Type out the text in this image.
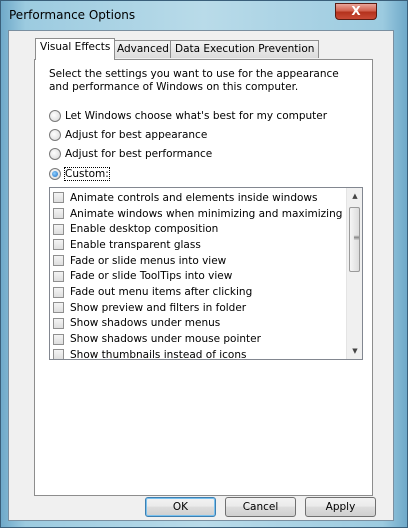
Performance Options	X
Visual Effects Advanced Data Execution Prevention
Select the settings you want to use for the appearance and performance of Windows on this computer.
Let Windows choose what's best for my computer
Adjust for best appearance
Adjust for best performance
Custom:
Animate controls and elements inside windows
Animate windows when minimizing and maximizing
Enable desktop composition
Enable transparent glass
Fade or slide menus into view
Fade or slide ToolTips into view
Fade out menu items after clicking
Show preview and filters in folder
Show shadows under menus
Show shadows under mouse pointer
Show thumbnails instead of icons
▲
≡
▼
OK	Cancel	Apply
